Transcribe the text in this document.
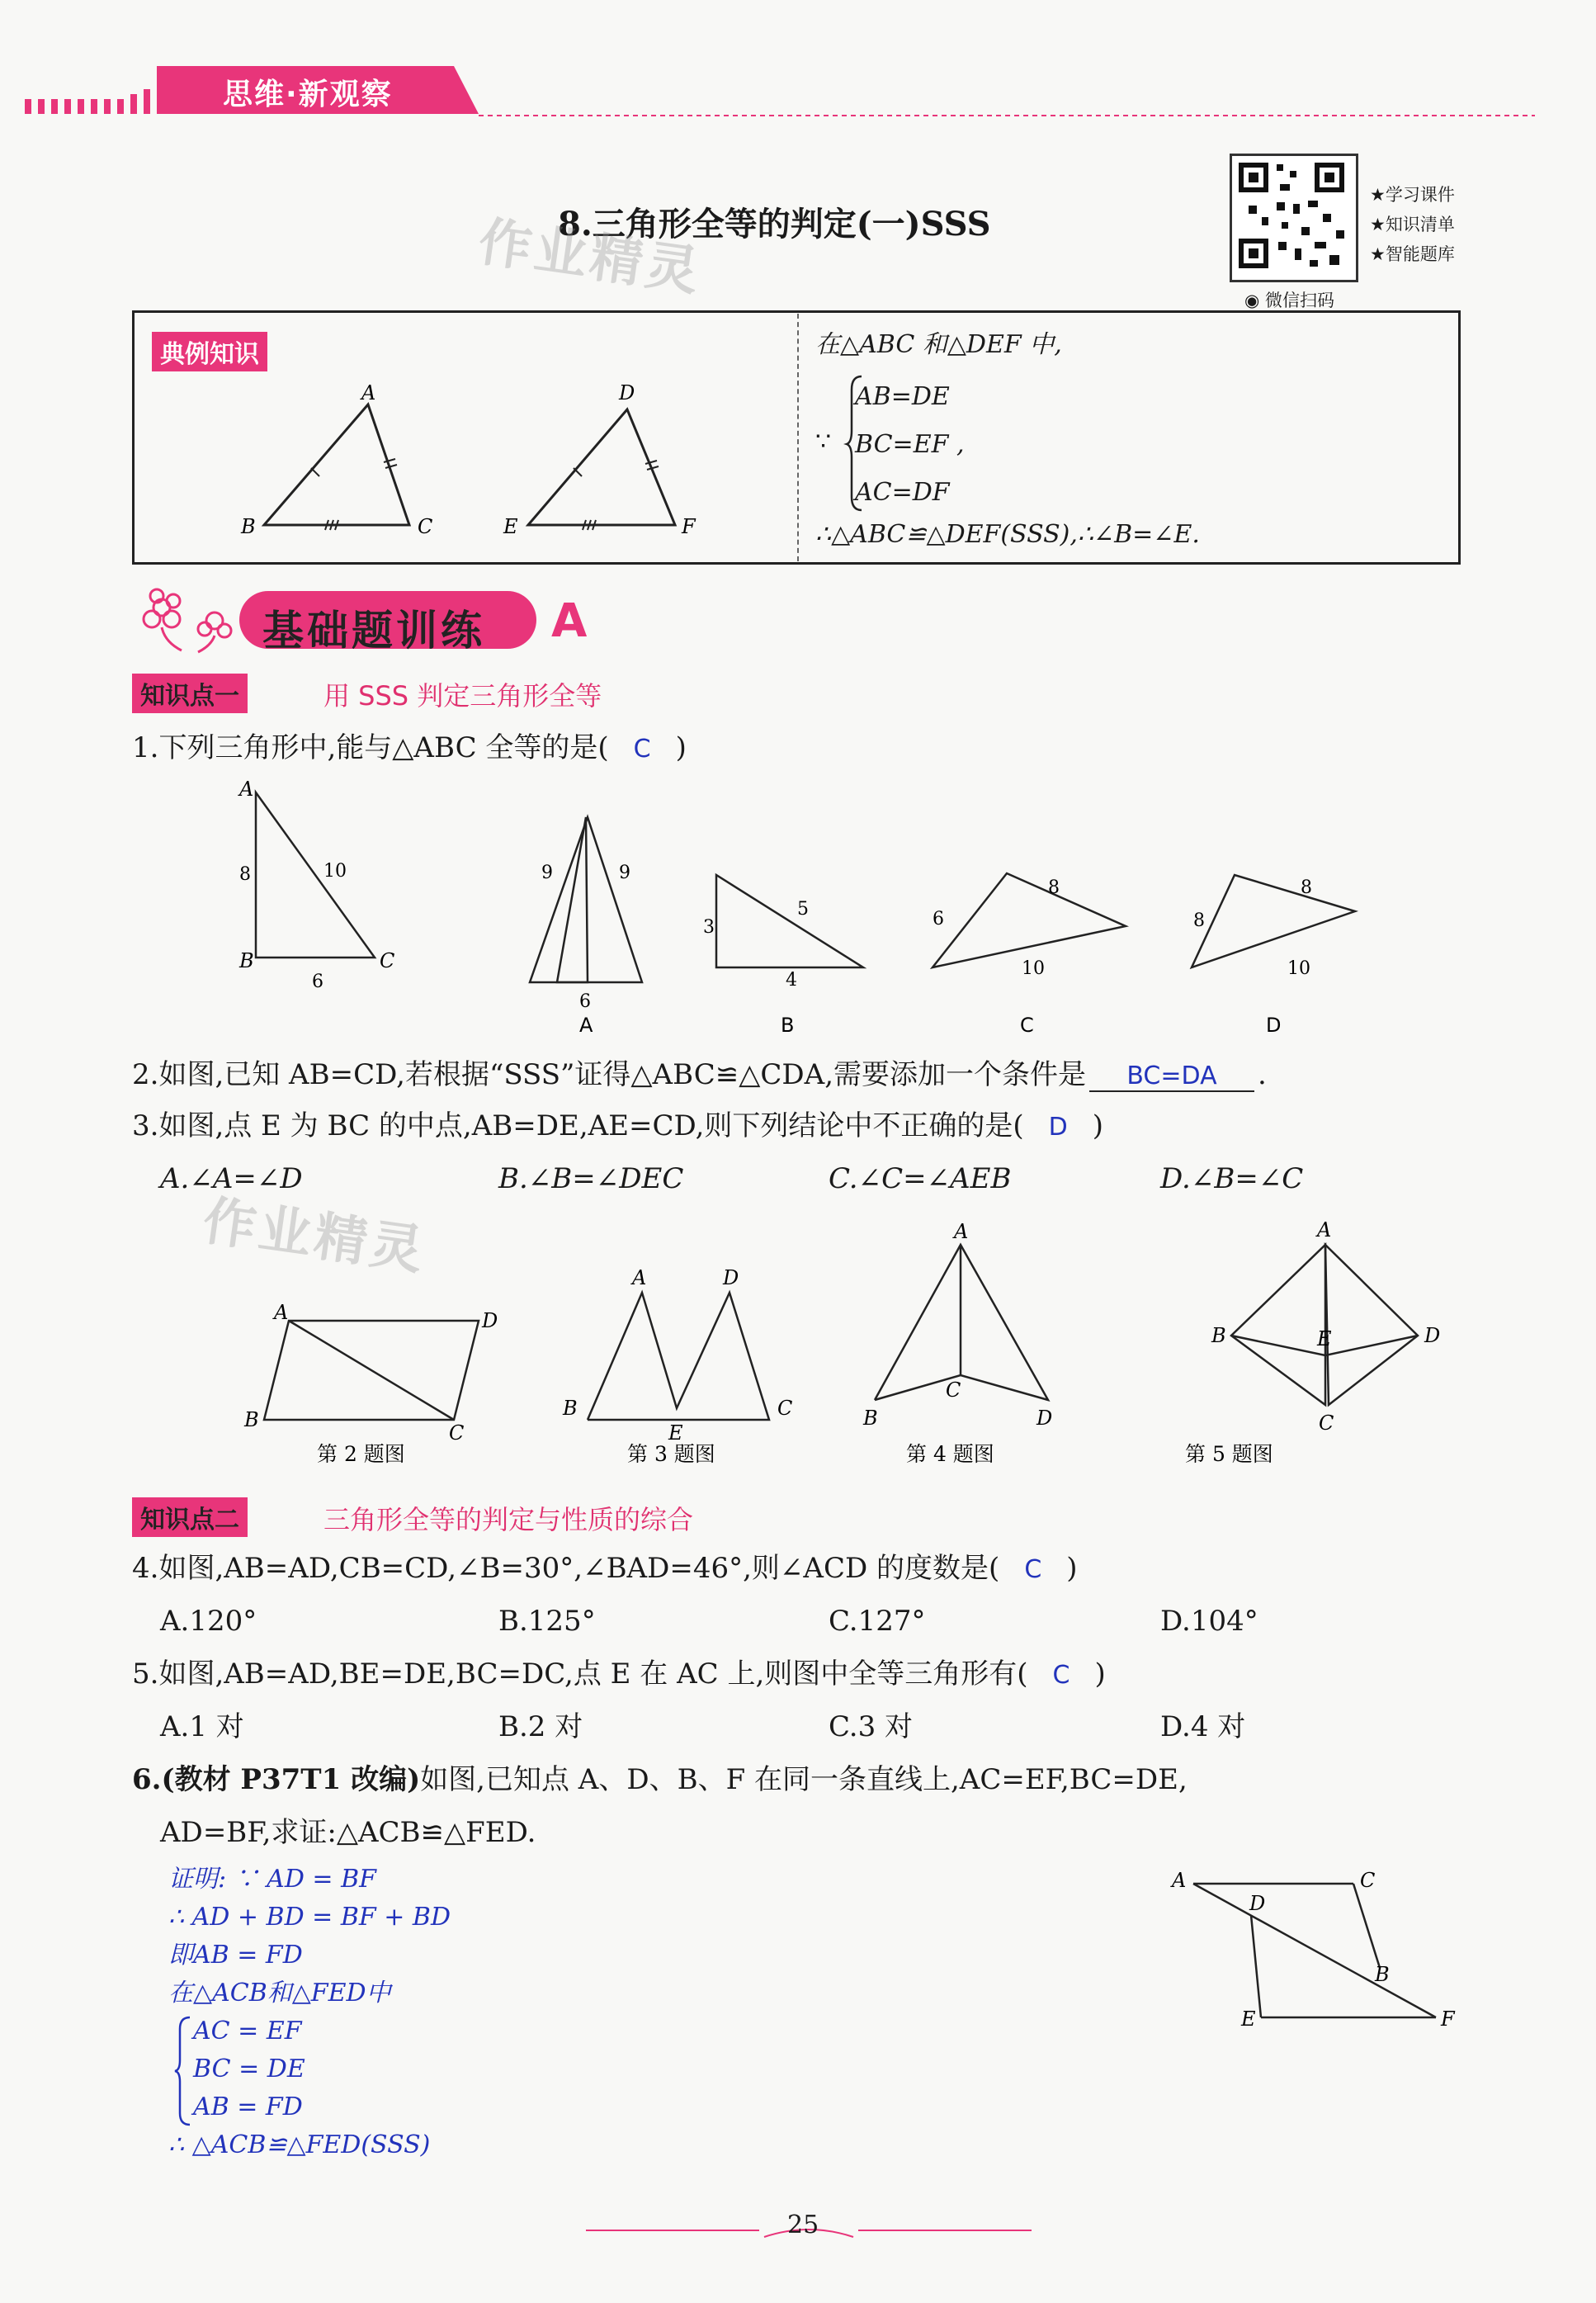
思维·新观察
★学习课件
★知识清单
★智能题库
◉ 微信扫码
8.三角形全等的判定(一)SSS
作业精灵
典例知识
A
B	C
D
E	F
在△ABC 和△DEF 中,
∵
AB=DE
BC=EF ,
AC=DF
∴△ABC≌△DEF(SSS),∴∠B=∠E.
基础题训练 A
知识点一	用 SSS 判定三角形全等
1.下列三角形中,能与△ABC 全等的是( C )
A
B	C
8	10
6
9	9
6
A
3
5
4
B
6
8
10
C
8
8
10
D
2.如图,已知 AB=CD,若根据“SSS”证得△ABC≌△CDA,需要添加一个条件是 BC=DA .
3.如图,点 E 为 BC 的中点,AB=DE,AE=CD,则下列结论中不正确的是( D )
A.∠A=∠D	B.∠B=∠DEC	C.∠C=∠AEB	D.∠B=∠C
作业精灵
A	D
B
C
第 2 题图
A	D
B
E
C
第 3 题图
A
C
B	D
第 4 题图
A
B	E	D
C
第 5 题图
知识点二	三角形全等的判定与性质的综合
4.如图,AB=AD,CB=CD,∠B=30°,∠BAD=46°,则∠ACD 的度数是( C )
A.120°	B.125°	C.127°	D.104°
5.如图,AB=AD,BE=DE,BC=DC,点 E 在 AC 上,则图中全等三角形有( C )
A.1 对	B.2 对	C.3 对	D.4 对
6.(教材 P37T1 改编)如图,已知点 A、D、B、F 在同一条直线上,AC=EF,BC=DE,
AD=BF,求证:△ACB≌△FED.
A	C
D
B
E	F
证明: ∵ AD = BF
∴ AD + BD = BF + BD
即AB = FD
在△ACB和△FED中
AC = EF
BC = DE
AB = FD
∴ △ACB≌△FED(SSS)
25
